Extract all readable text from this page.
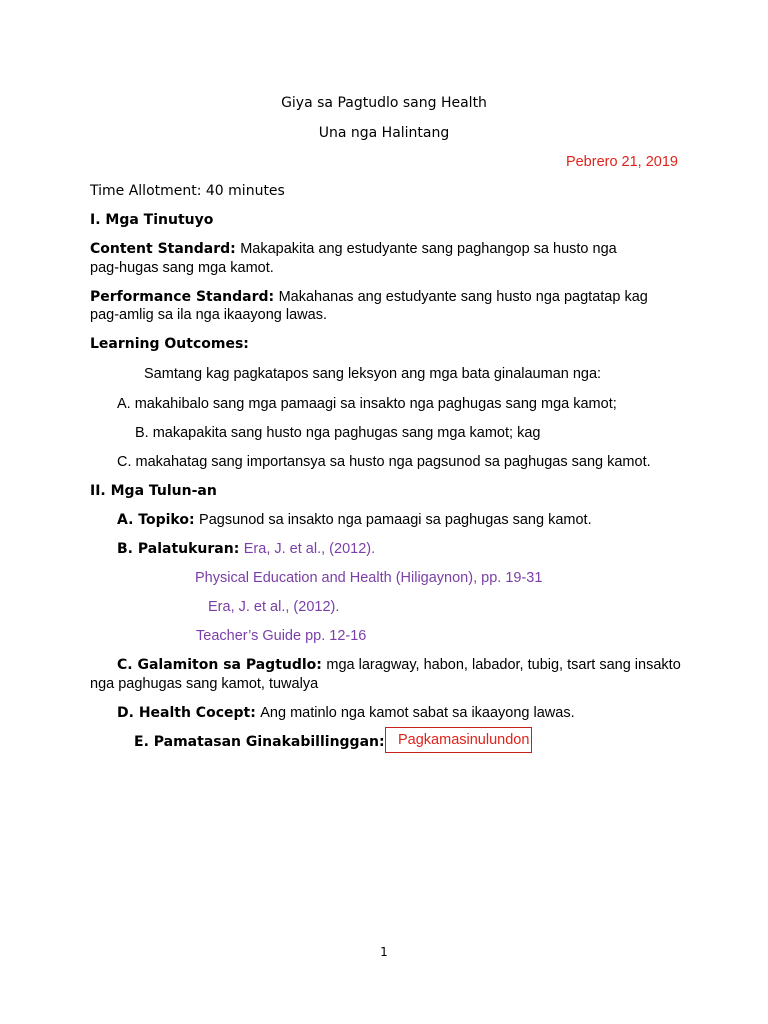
Giya sa Pagtudlo sang Health
Una nga Halintang
Pebrero 21, 2019
Time Allotment: 40 minutes
I. Mga Tinutuyo
Content Standard: Makapakita ang estudyante sang paghangop sa husto nga
pag-hugas sang mga kamot.
Performance Standard: Makahanas ang estudyante sang husto nga pagtatap kag
pag-amlig sa ila nga ikaayong lawas.
Learning Outcomes:
Samtang kag pagkatapos sang leksyon ang mga bata ginalauman nga:
A. makahibalo sang mga pamaagi sa insakto nga paghugas sang mga kamot;
B. makapakita sang husto nga paghugas sang mga kamot; kag
C. makahatag sang importansya sa husto nga pagsunod sa paghugas sang kamot.
II. Mga Tulun-an
A. Topiko: Pagsunod sa insakto nga pamaagi sa paghugas sang kamot.
B. Palatukuran: Era, J. et al., (2012).
Physical Education and Health (Hiligaynon), pp. 19-31
Era, J. et al., (2012).
Teacher’s Guide pp. 12-16
C. Galamiton sa Pagtudlo: mga laragway, habon, labador, tubig, tsart sang insakto
nga paghugas sang kamot, tuwalya
D. Health Cocept: Ang matinlo nga kamot sabat sa ikaayong lawas.
E. Pamatasan Ginakabillinggan: Pagkamasinulundon
1
